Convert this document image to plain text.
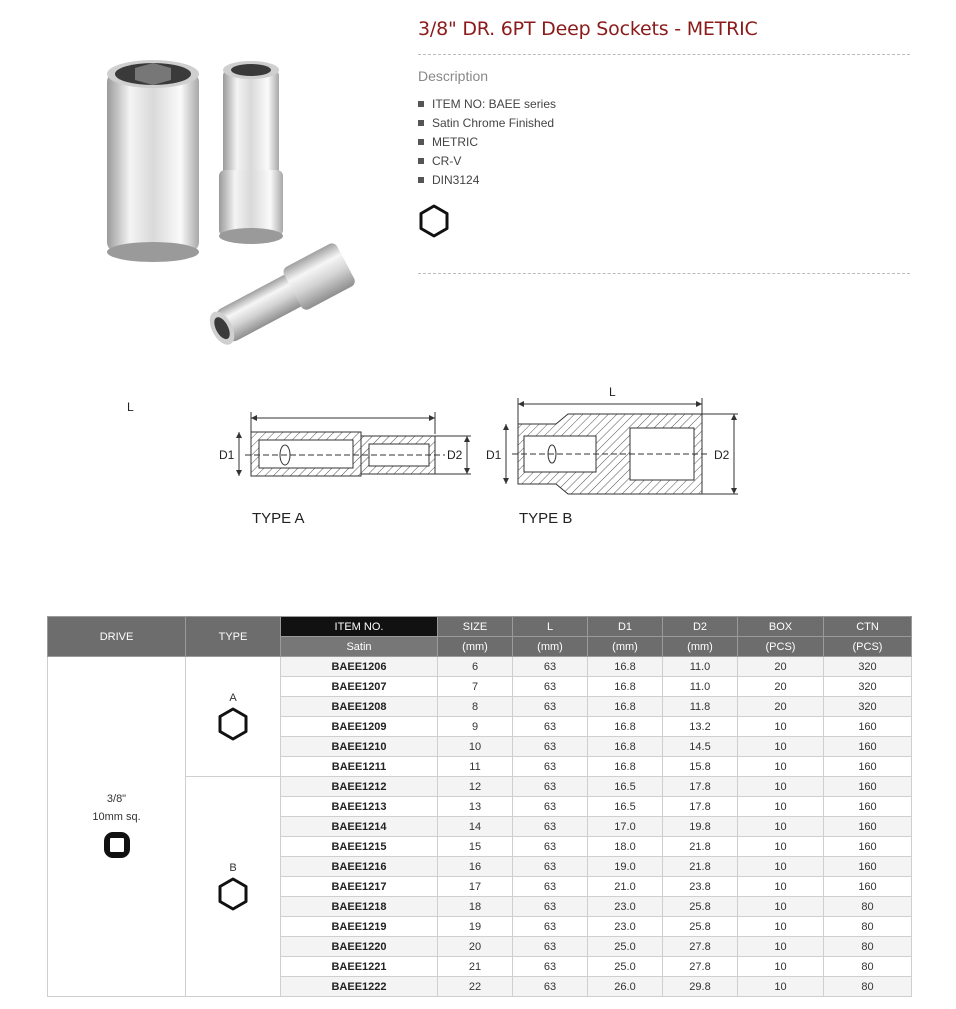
3/8" DR. 6PT Deep Sockets - METRIC
Description
ITEM NO: BAEE series
Satin Chrome Finished
METRIC
CR-V
DIN3124
L
D1	D2
TYPE A
L
D1	D2
TYPE B
DRIVE	TYPE	ITEM NO.	SIZE	L	D1	D2	BOX	CTN
		Satin	(mm)	(mm)	(mm)	(mm)	(PCS)	(PCS)

3/8"
10mm sq.	A	BAEE1206	6	63	16.8	11.0	20	320
		BAEE1207	7	63	16.8	11.0	20	320
		BAEE1208	8	63	16.8	11.8	20	320
		BAEE1209	9	63	16.8	13.2	10	160
		BAEE1210	10	63	16.8	14.5	10	160
		BAEE1211	11	63	16.8	15.8	10	160

	B	BAEE1212	12	63	16.5	17.8	10	160
		BAEE1213	13	63	16.5	17.8	10	160
		BAEE1214	14	63	17.0	19.8	10	160
		BAEE1215	15	63	18.0	21.8	10	160
		BAEE1216	16	63	19.0	21.8	10	160
		BAEE1217	17	63	21.0	23.8	10	160
		BAEE1218	18	63	23.0	25.8	10	80
		BAEE1219	19	63	23.0	25.8	10	80
		BAEE1220	20	63	25.0	27.8	10	80
		BAEE1221	21	63	25.0	27.8	10	80
		BAEE1222	22	63	26.0	29.8	10	80
